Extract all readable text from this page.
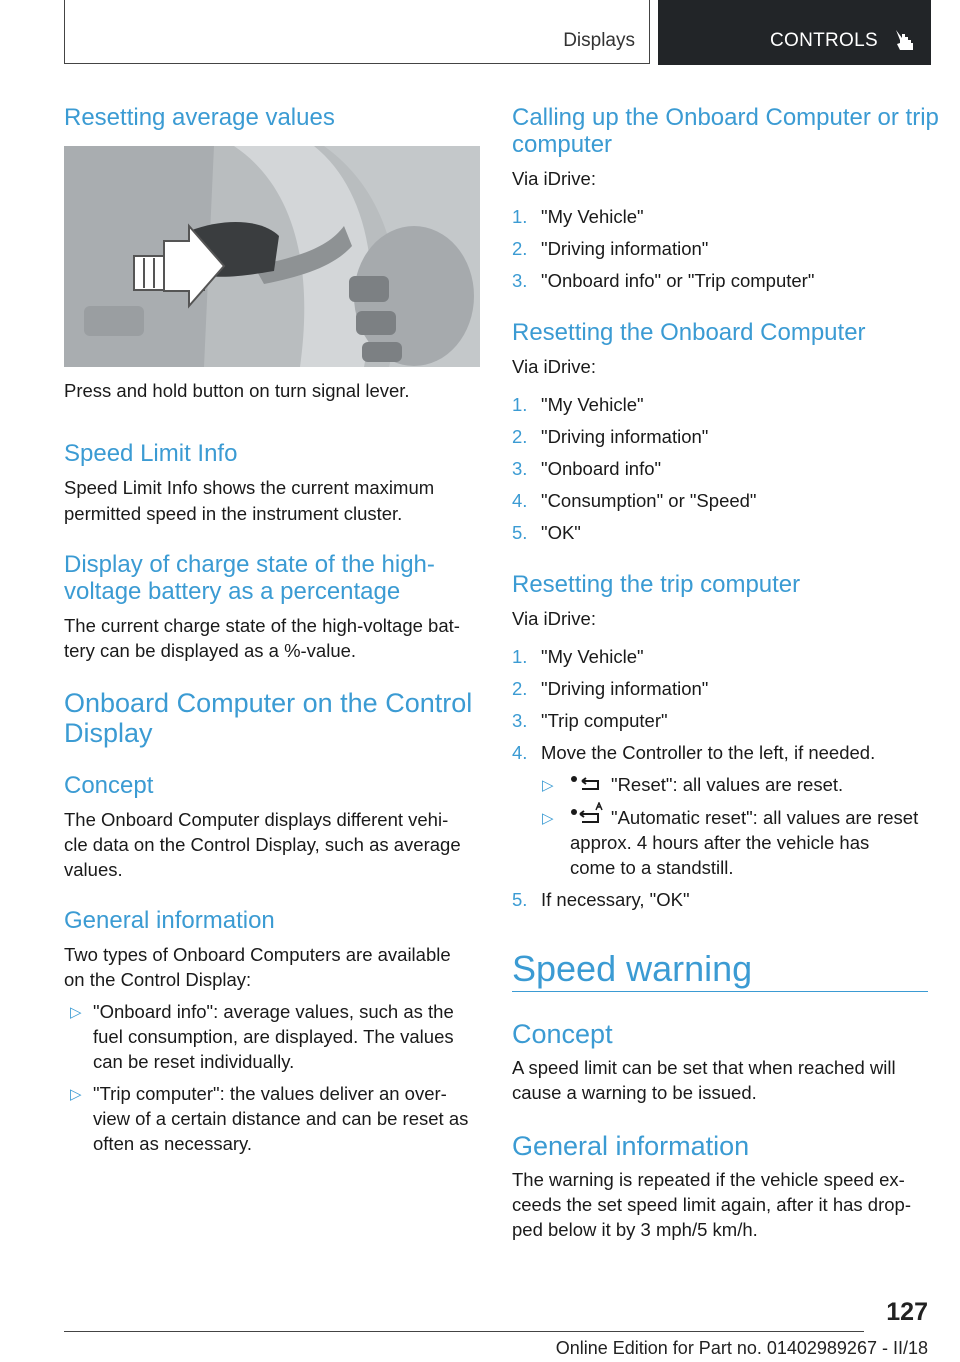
Displays	CONTROLS
Resetting average values

Press and hold button on turn signal lever.

Speed Limit Info

Speed Limit Info shows the current maximum

permitted speed in the instrument cluster.

Display of charge state of the high-
voltage battery as a percentage

The current charge state of the high-voltage bat-

tery can be displayed as a %-value.

Onboard Computer on the Control
Display
Concept

The Onboard Computer displays different vehi-

cle data on the Control Display, such as average

values.

General information

Two types of Onboard Computers are available

on the Control Display:

▷ "Onboard info": average values, such as the

fuel consumption, are displayed. The values

can be reset individually.

▷ "Trip computer": the values deliver an over-

view of a certain distance and can be reset as

often as necessary.

Calling up the Onboard Computer or trip
computer

Via iDrive:

1. "My Vehicle"

2. "Driving information"

3. "Onboard info" or "Trip computer"

Resetting the Onboard Computer

Via iDrive:

1. "My Vehicle"

2. "Driving information"

3. "Onboard info"

4. "Consumption" or "Speed"

5. "OK"

Resetting the trip computer

Via iDrive:

1. "My Vehicle"

2. "Driving information"

3. "Trip computer"

4. Move the Controller to the left, if needed.

▷	"Reset": all values are reset.

▷	"Automatic reset": all values are reset

approx. 4 hours after the vehicle has

come to a standstill.

5. If necessary, "OK"

Speed warning
Concept

A speed limit can be set that when reached will

cause a warning to be issued.

General information

The warning is repeated if the vehicle speed ex-

ceeds the set speed limit again, after it has drop-

ped below it by 3 mph/5 km/h.

127
Online Edition for Part no. 01402989267 - II/18
